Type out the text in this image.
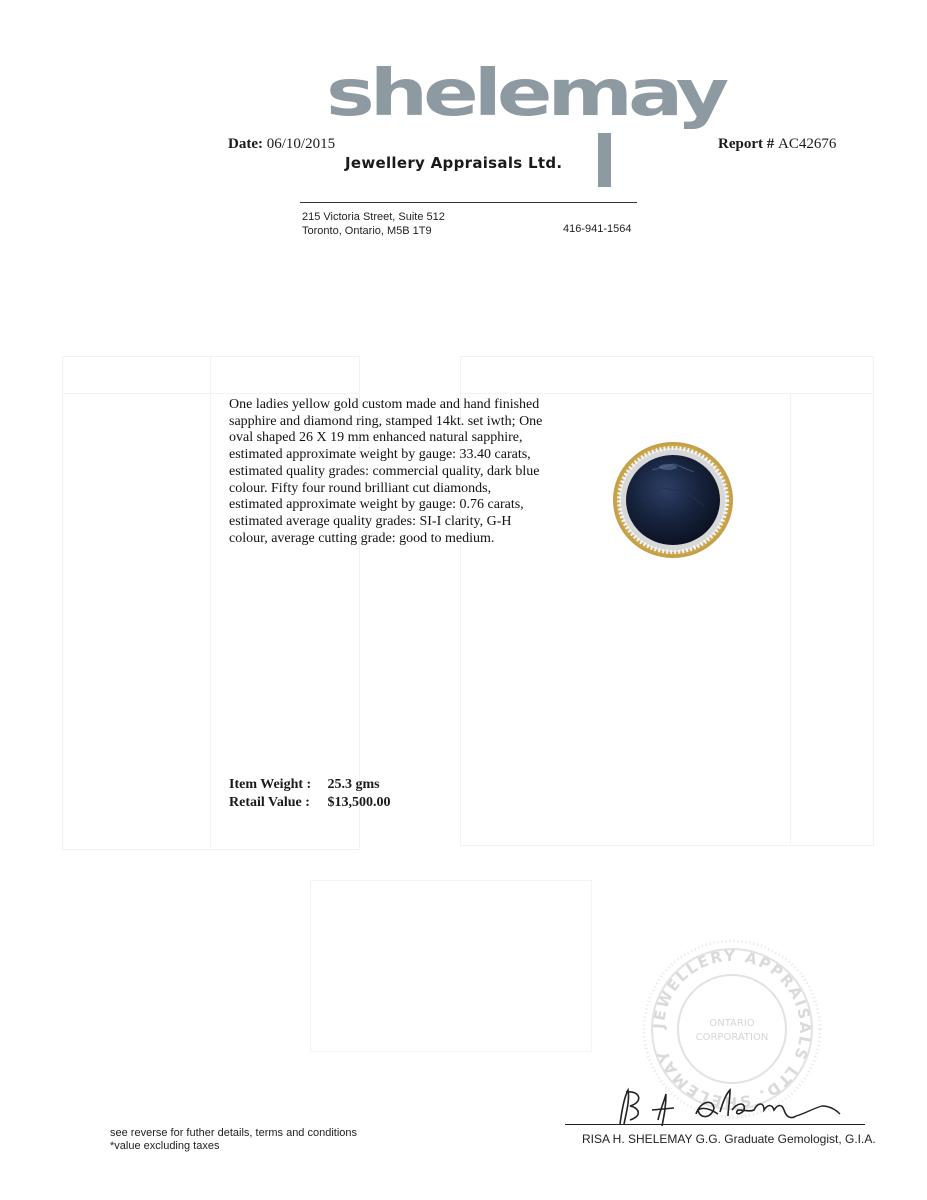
Date: 06/10/2015
shelemay
Jewellery Appraisals Ltd.
Report # AC42676
215 Victoria Street, Suite 512
Toronto, Ontario, M5B 1T9	416-941-1564
One ladies yellow gold custom made and hand finished sapphire and diamond ring, stamped 14kt. set iwth; One oval shaped 26 X 19 mm enhanced natural sapphire, estimated approximate weight by gauge: 33.40 carats, estimated quality grades: commercial quality, dark blue colour. Fifty four round brilliant cut diamonds, estimated approximate weight by gauge: 0.76 carats, estimated average quality grades: SI-I clarity, G-H colour, average cutting grade: good to medium.
Item Weight : 25.3 gms
Retail Value : $13,500.00
JEWELLERY APPRAISALS LTD. SHELEMAY
ONTARIO
CORPORATION
see reverse for futher details, terms and conditions
*value excluding taxes	RISA H. SHELEMAY G.G. Graduate Gemologist, G.I.A.
